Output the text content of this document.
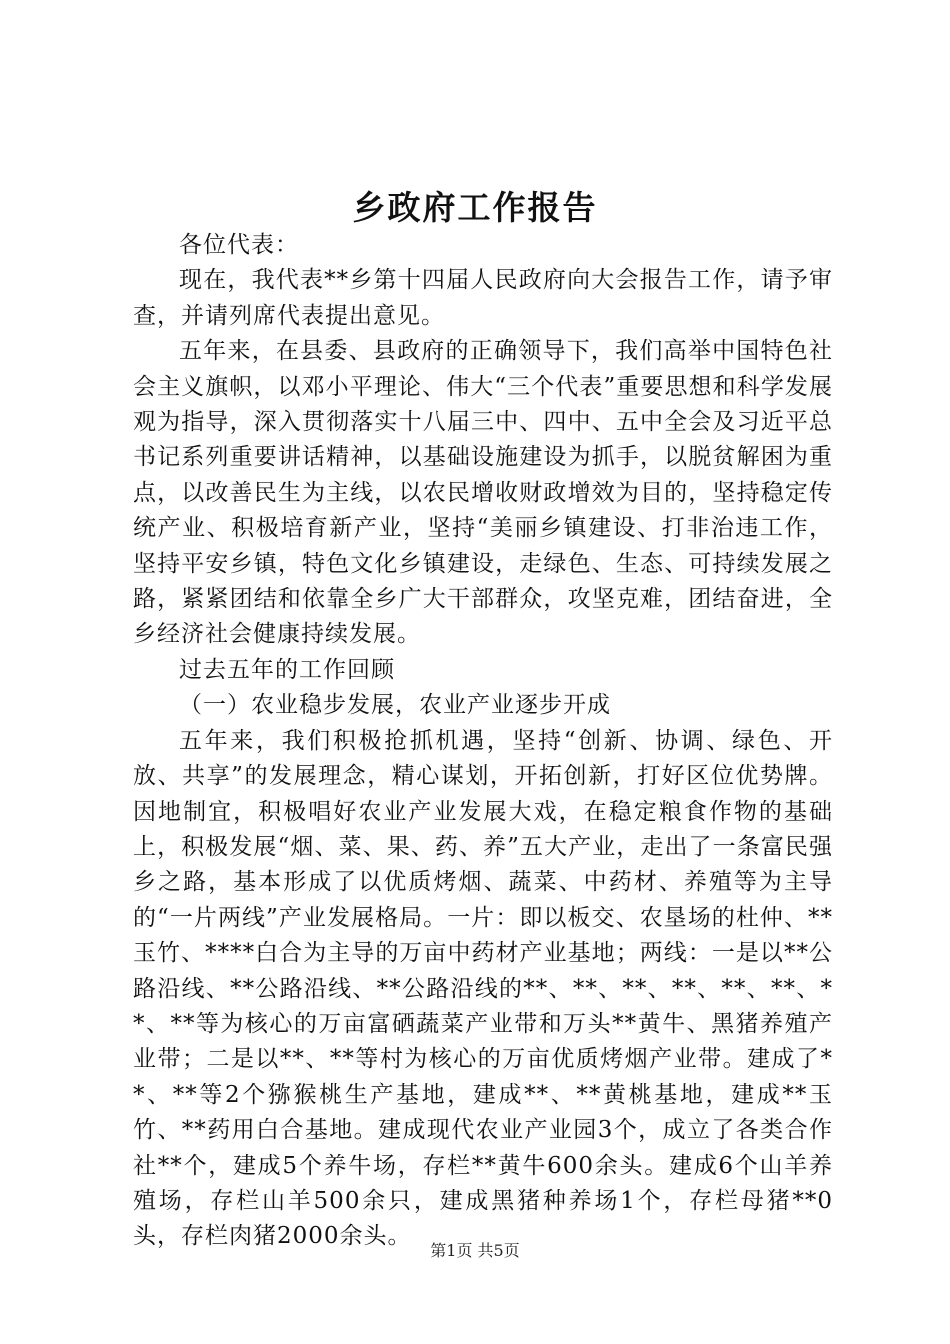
乡政府工作报告

各位代表：

现在，我代表**乡第十四届人民政府向大会报告工作，请予审查，并请列席代表提出意见。

五年来，在县委、县政府的正确领导下，我们高举中国特色社会主义旗帜，以邓小平理论、伟大“三个代表”重要思想和科学发展观为指导，深入贯彻落实十八届三中、四中、五中全会及习近平总书记系列重要讲话精神，以基础设施建设为抓手，以脱贫解困为重点，以改善民生为主线，以农民增收财政增效为目的，坚持稳定传统产业、积极培育新产业，坚持“美丽乡镇建设、打非治违工作，坚持平安乡镇，特色文化乡镇建设，走绿色、生态、可持续发展之路，紧紧团结和依靠全乡广大干部群众，攻坚克难，团结奋进，全乡经济社会健康持续发展。

过去五年的工作回顾

（一）农业稳步发展，农业产业逐步开成

五年来，我们积极抢抓机遇，坚持“创新、协调、绿色、开放、共享”的发展理念，精心谋划，开拓创新，打好区位优势牌。因地制宜，积极唱好农业产业发展大戏，在稳定粮食作物的基础上，积极发展“烟、菜、果、药、养”五大产业，走出了一条富民强乡之路，基本形成了以优质烤烟、蔬菜、中药材、养殖等为主导的“一片两线”产业发展格局。一片：即以板交、农垦场的杜仲、**玉竹、****白合为主导的万亩中药材产业基地；两线：一是以**公路沿线、**公路沿线、**公路沿线的**、**、**、**、**、**、**、**等为核心的万亩富硒蔬菜产业带和万头**黄牛、黑猪养殖产业带；二是以**、**等村为核心的万亩优质烤烟产业带。建成了**、**等2个猕猴桃生产基地，建成**、**黄桃基地，建成**玉竹、**药用白合基地。建成现代农业产业园3个，成立了各类合作社**个，建成5个养牛场，存栏**黄牛600余头。建成6个山羊养殖场，存栏山羊500余只，建成黑猪种养场1个，存栏母猪**0头，存栏肉猪2000余头。

第1页 共5页
